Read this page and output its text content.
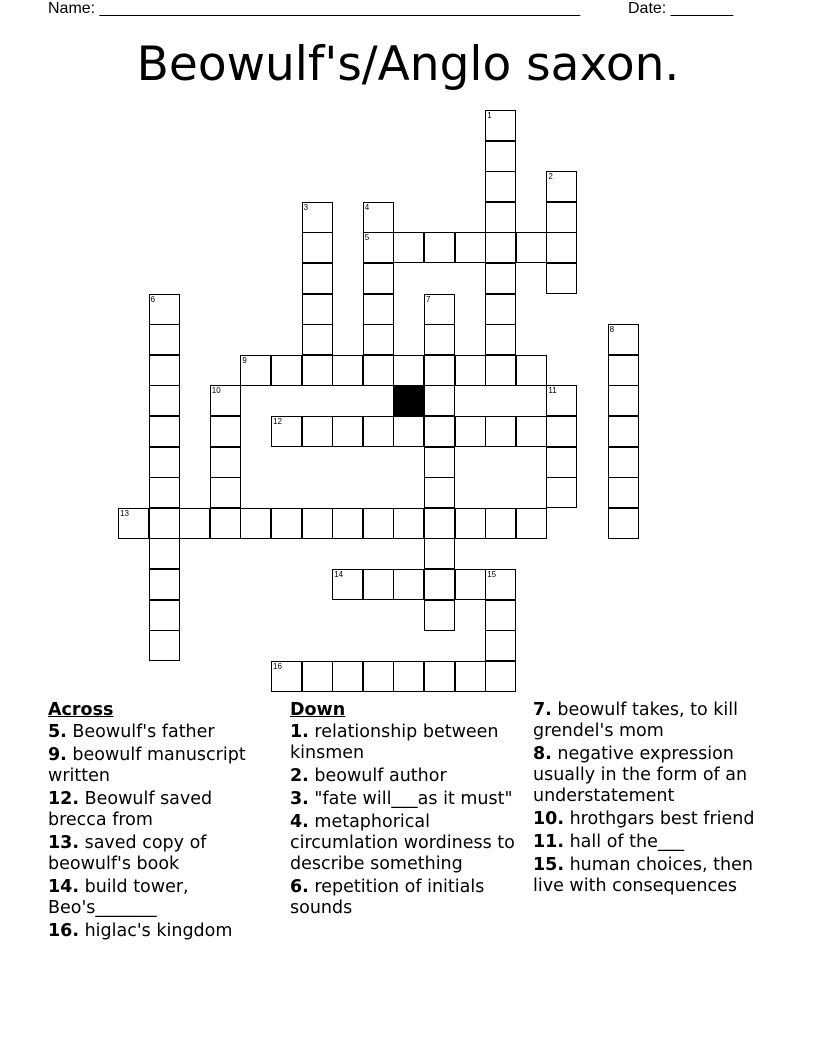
Name: ______________________________________________________	Date: _______
Beowulf's/Anglo saxon.
1
2
3	4
5
6	7
8
9
10	11
12
13
14	15
16
Across
5. Beowulf's father
9. beowulf manuscript written
12. Beowulf saved brecca from
13. saved copy of beowulf's book
14. build tower, Beo's_______
16. higlac's kingdom
Down
1. relationship between kinsmen
2. beowulf author
3. "fate will___as it must"
4. metaphorical circumlation wordiness to describe something
6. repetition of initials sounds
7. beowulf takes, to kill grendel's mom
8. negative expression usually in the form of an understatement
10. hrothgars best friend
11. hall of the___
15. human choices, then live with consequences
